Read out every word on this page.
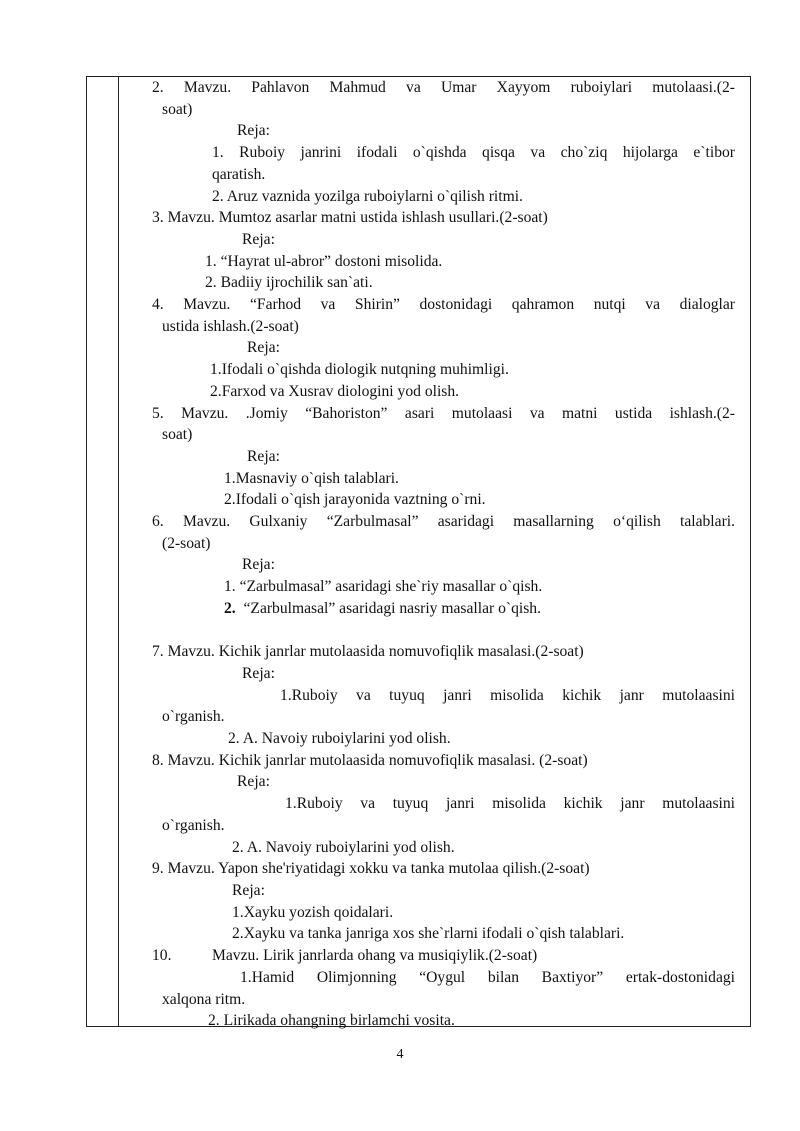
2. Mavzu. Pahlavon Mahmud va Umar Xayyom ruboiylari mutolaasi.(2-

soat)

Reja:

1. Ruboiy janrini ifodali o`qishda qisqa va cho`ziq hijolarga e`tibor

qaratish.

2. Aruz vaznida yozilga ruboiylarni o`qilish ritmi.

3. Mavzu. Mumtoz asarlar matni ustida ishlash usullari.(2-soat)

Reja:

1. “Hayrat ul-abror” dostoni misolida.

2. Badiiy ijrochilik san`ati.

4. Mavzu. “Farhod va Shirin” dostonidagi qahramon nutqi va dialoglar

ustida ishlash.(2-soat)

Reja:

1.Ifodali o`qishda diologik nutqning muhimligi.

2.Farxod va Xusrav diologini yod olish.

5. Mavzu. .Jomiy “Bahoriston” asari mutolaasi va matni ustida ishlash.(2-

soat)

Reja:

1.Masnaviy o`qish talablari.

2.Ifodali o`qish jarayonida vaztning o`rni.

6. Mavzu. Gulxaniy “Zarbulmasal” asaridagi masallarning o‘qilish talablari.

(2-soat)

Reja:

1. “Zarbulmasal” asaridagi she`riy masallar o`qish.

2.  “Zarbulmasal” asaridagi nasriy masallar o`qish.

7. Mavzu. Kichik janrlar mutolaasida nomuvofiqlik masalasi.(2-soat)

Reja:

1.Ruboiy va tuyuq janri misolida kichik janr mutolaasini

o`rganish.

2. A. Navoiy ruboiylarini yod olish.

8. Mavzu. Kichik janrlar mutolaasida nomuvofiqlik masalasi. (2-soat)

Reja:

1.Ruboiy va tuyuq janri misolida kichik janr mutolaasini

o`rganish.

2. A. Navoiy ruboiylarini yod olish.

9. Mavzu. Yapon she'riyatidagi xokku va tanka mutolaa qilish.(2-soat)

Reja:

1.Xayku yozish qoidalari.

2.Xayku va tanka janriga xos she`rlarni ifodali o`qish talablari.

10.	Mavzu. Lirik janrlarda ohang va musiqiylik.(2-soat)

1.Hamid Olimjonning “Oygul bilan Baxtiyor” ertak-dostonidagi

xalqona ritm.

2. Lirikada ohangning birlamchi vosita.

4
